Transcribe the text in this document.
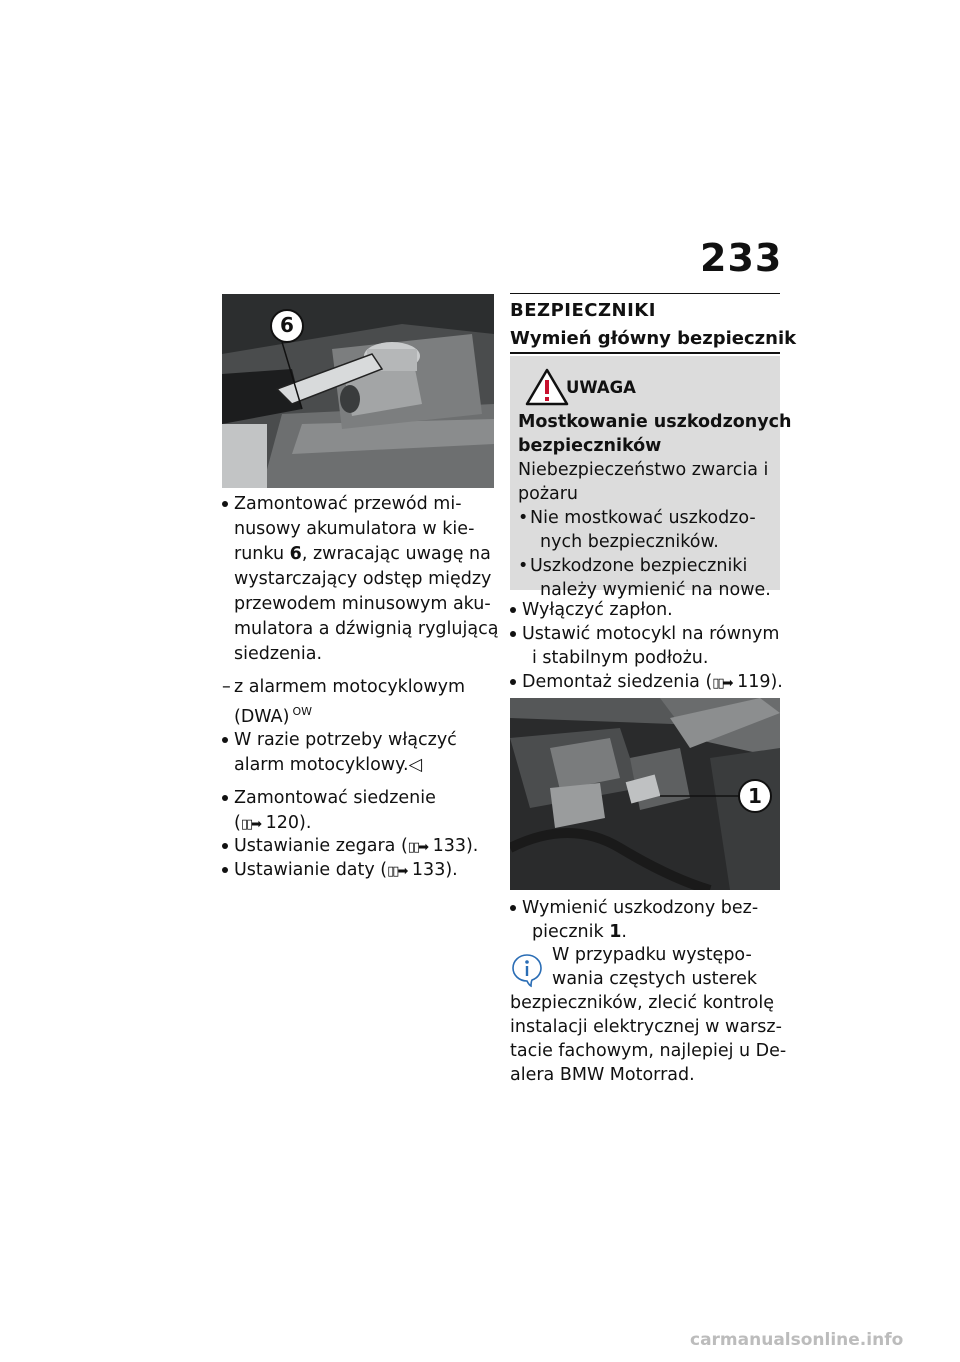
233
6
Zamontować przewód mi-
nusowy akumulatora w kie-
runku 6, zwracając uwagę na
wystarczający odstęp między
przewodem minusowym aku-
mulatora a dźwignią ryglującą
siedzenia.
– z alarmem motocyklowym
(DWA) $^{OW}$
W razie potrzeby włączyć
alarm motocyklowy.◁
Zamontować siedzenie
(▯▯➡ 120).
Ustawianie zegara (▯▯➡ 133).
Ustawianie daty (▯▯➡ 133).
BEZPIECZNIKI
Wymień główny bezpiecznik
UWAGA
Mostkowanie uszkodzonych
bezpieczników
Niebezpieczeństwo zwarcia i
pożaru
•Nie mostkować uszkodzo-
nych bezpieczników.
•Uszkodzone bezpieczniki
należy wymienić na nowe.
Wyłączyć zapłon.
Ustawić motocykl na równym
i stabilnym podłożu.
Demontaż siedzenia (▯▯➡ 119).
1
Wymienić uszkodzony bez-
piecznik 1.
W przypadku występo-
wania częstych usterek
bezpieczników, zlecić kontrolę
instalacji elektrycznej w warsz-
tacie fachowym, najlepiej u De-
alera BMW Motorrad.
carmanualsonline.info
